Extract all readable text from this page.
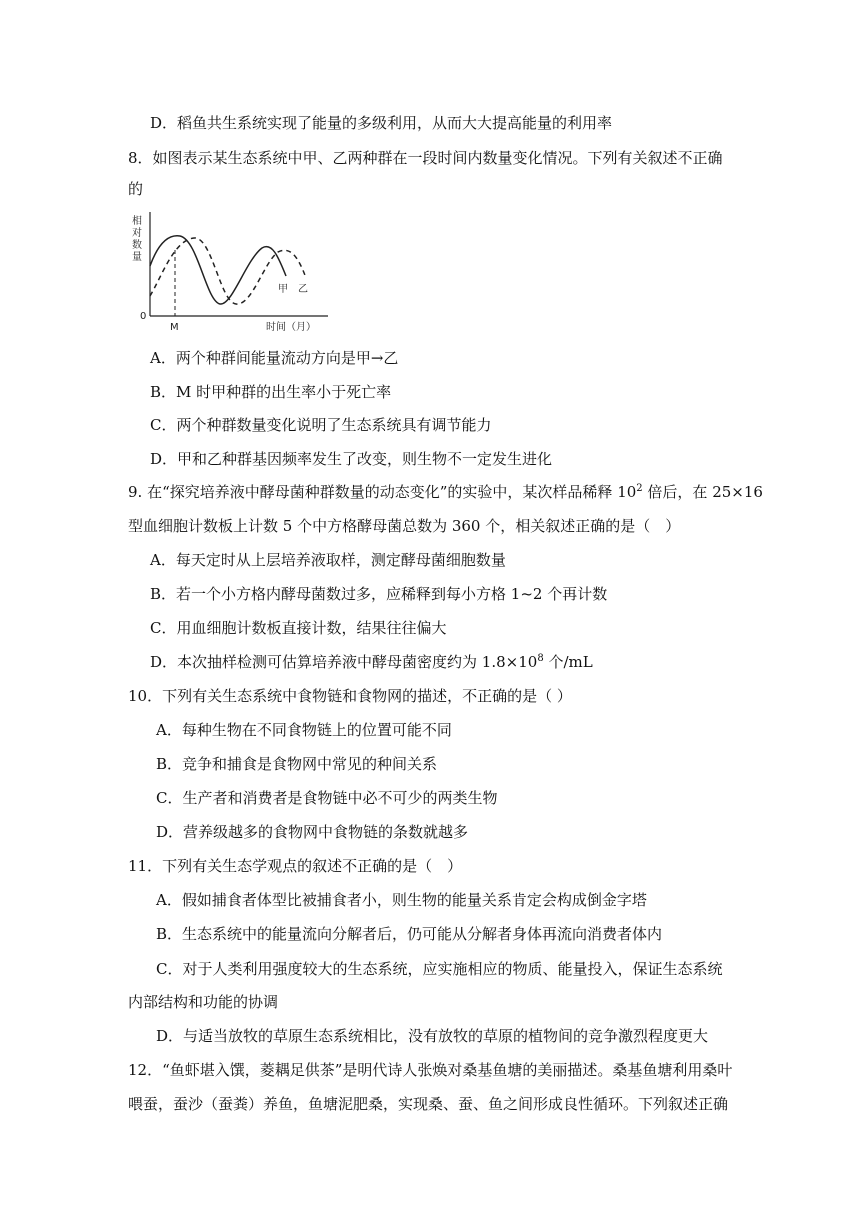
D．稻鱼共生系统实现了能量的多级利用，从而大大提高能量的利用率
8．如图表示某生态系统中甲、乙两种群在一段时间内数量变化情况。下列有关叙述不正确
的
相
对
数
量
0
M	时间（月）
甲 乙
A．两个种群间能量流动方向是甲→乙
B．M 时甲种群的出生率小于死亡率
C．两个种群数量变化说明了生态系统具有调节能力
D．甲和乙种群基因频率发生了改变，则生物不一定发生进化
9. 在“探究培养液中酵母菌种群数量的动态变化”的实验中，某次样品稀释 $10^2$ 倍后，在 25×16
型血细胞计数板上计数 5 个中方格酵母菌总数为 360 个，相关叙述正确的是（　）
A．每天定时从上层培养液取样，测定酵母菌细胞数量
B．若一个小方格内酵母菌数过多，应稀释到每小方格 1~2 个再计数
C．用血细胞计数板直接计数，结果往往偏大
D．本次抽样检测可估算培养液中酵母菌密度约为 $1.8\times 10^8$ 个/mL
10．下列有关生态系统中食物链和食物网的描述，不正确的是（ ）
A．每种生物在不同食物链上的位置可能不同
B．竞争和捕食是食物网中常见的种间关系
C．生产者和消费者是食物链中必不可少的两类生物
D．营养级越多的食物网中食物链的条数就越多
11．下列有关生态学观点的叙述不正确的是（　）
A．假如捕食者体型比被捕食者小，则生物的能量关系肯定会构成倒金字塔
B．生态系统中的能量流向分解者后，仍可能从分解者身体再流向消费者体内
C．对于人类利用强度较大的生态系统，应实施相应的物质、能量投入，保证生态系统
内部结构和功能的协调
D．与适当放牧的草原生态系统相比，没有放牧的草原的植物间的竞争激烈程度更大
12．“鱼虾堪入馔，菱耦足供茶”是明代诗人张焕对桑基鱼塘的美丽描述。桑基鱼塘利用桑叶
喂蚕，蚕沙（蚕粪）养鱼，鱼塘泥肥桑，实现桑、蚕、鱼之间形成良性循环。下列叙述正确
